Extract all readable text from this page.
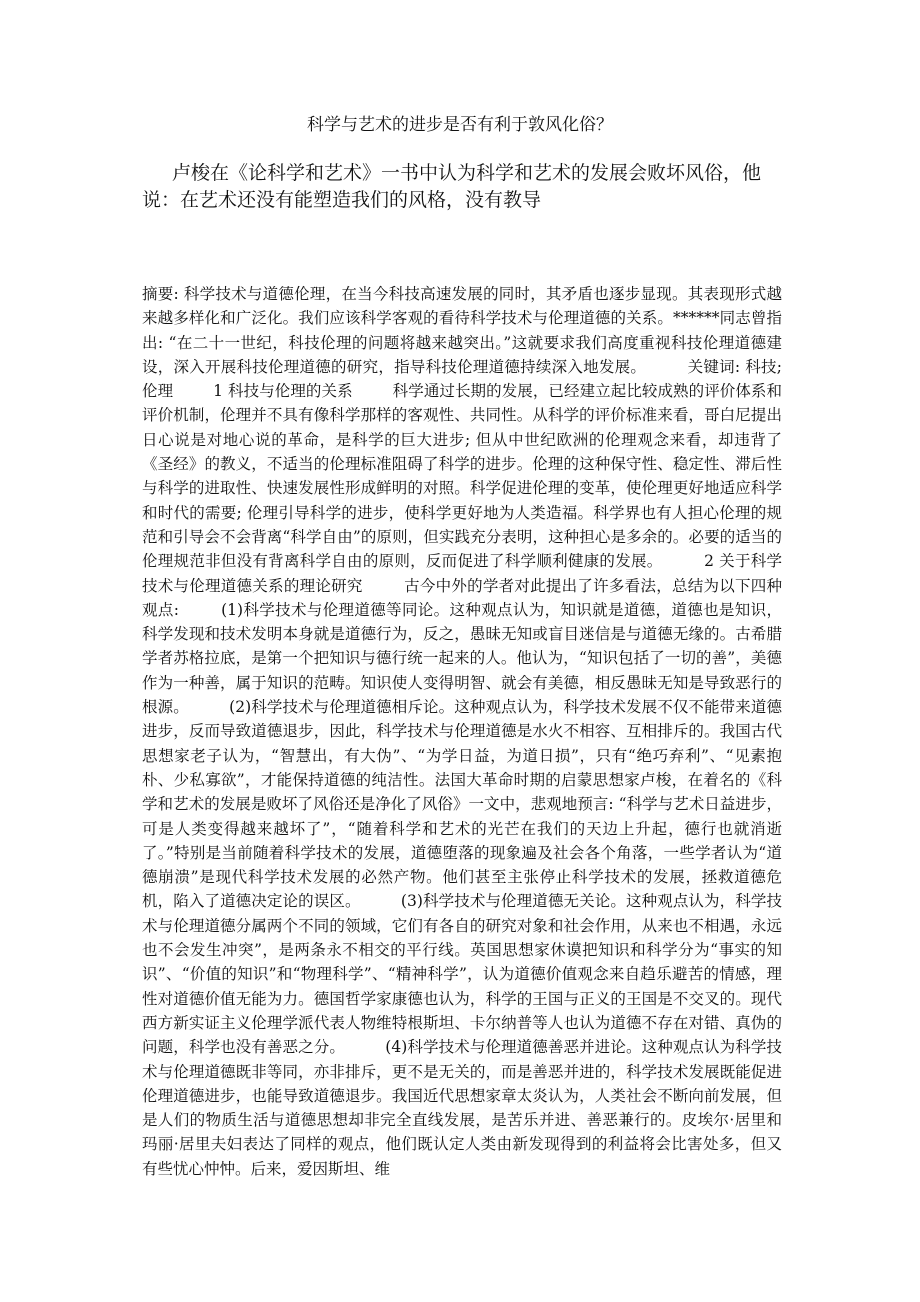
科学与艺术的进步是否有利于敦风化俗？

卢梭在《论科学和艺术》一书中认为科学和艺术的发展会败坏风俗，他说：在艺术还没有能塑造我们的风格，没有教导

摘要: 科学技术与道德伦理，在当今科技高速发展的同时，其矛盾也逐步显现。其表现形式越来越多样化和广泛化。我们应该科学客观的看待科学技术与伦理道德的关系。******同志曾指出: “在二十一世纪，科技伦理的问题将越来越突出。”这就要求我们高度重视科技伦理道德建设，深入开展科技伦理道德的研究，指导科技伦理道德持续深入地发展。        关键词: 科技; 伦理        1 科技与伦理的关系        科学通过长期的发展，已经建立起比较成熟的评价体系和评价机制，伦理并不具有像科学那样的客观性、共同性。从科学的评价标准来看，哥白尼提出日心说是对地心说的革命，是科学的巨大进步; 但从中世纪欧洲的伦理观念来看，却违背了《圣经》的教义，不适当的伦理标准阻碍了科学的进步。伦理的这种保守性、稳定性、滞后性与科学的进取性、快速发展性形成鲜明的对照。科学促进伦理的变革，使伦理更好地适应科学和时代的需要; 伦理引导科学的进步，使科学更好地为人类造福。科学界也有人担心伦理的规范和引导会不会背离“科学自由”的原则，但实践充分表明，这种担心是多余的。必要的适当的伦理规范非但没有背离科学自由的原则，反而促进了科学顺利健康的发展。        2 关于科学技术与伦理道德关系的理论研究        古今中外的学者对此提出了许多看法，总结为以下四种观点:        (1)科学技术与伦理道德等同论。这种观点认为，知识就是道德，道德也是知识，科学发现和技术发明本身就是道德行为，反之，愚昧无知或盲目迷信是与道德无缘的。古希腊学者苏格拉底，是第一个把知识与德行统一起来的人。他认为，“知识包括了一切的善”，美德作为一种善，属于知识的范畴。知识使人变得明智、就会有美德，相反愚昧无知是导致恶行的根源。        (2)科学技术与伦理道德相斥论。这种观点认为，科学技术发展不仅不能带来道德进步，反而导致道德退步，因此，科学技术与伦理道德是水火不相容、互相排斥的。我国古代思想家老子认为，“智慧出，有大伪”、“为学日益，为道日损”，只有“绝巧弃利”、“见素抱朴、少私寡欲”，才能保持道德的纯洁性。法国大革命时期的启蒙思想家卢梭，在着名的《科学和艺术的发展是败坏了风俗还是净化了风俗》一文中，悲观地预言: “科学与艺术日益进步，可是人类变得越来越坏了”，“随着科学和艺术的光芒在我们的天边上升起，德行也就消逝了。”特别是当前随着科学技术的发展，道德堕落的现象遍及社会各个角落，一些学者认为“道德崩溃”是现代科学技术发展的必然产物。他们甚至主张停止科学技术的发展，拯救道德危机，陷入了道德决定论的误区。        (3)科学技术与伦理道德无关论。这种观点认为，科学技术与伦理道德分属两个不同的领域，它们有各自的研究对象和社会作用，从来也不相遇，永远也不会发生冲突”，是两条永不相交的平行线。英国思想家休谟把知识和科学分为“事实的知识”、“价值的知识”和“物理科学”、“精神科学”，认为道德价值观念来自趋乐避苦的情感，理性对道德价值无能为力。德国哲学家康德也认为，科学的王国与正义的王国是不交叉的。现代西方新实证主义伦理学派代表人物维特根斯坦、卡尔纳普等人也认为道德不存在对错、真伪的问题，科学也没有善恶之分。        (4)科学技术与伦理道德善恶并进论。这种观点认为科学技术与伦理道德既非等同，亦非排斥，更不是无关的，而是善恶并进的，科学技术发展既能促进伦理道德进步，也能导致道德退步。我国近代思想家章太炎认为，人类社会不断向前发展，但是人们的物质生活与道德思想却非完全直线发展，是苦乐并进、善恶兼行的。皮埃尔·居里和玛丽·居里夫妇表达了同样的观点，他们既认定人类由新发现得到的利益将会比害处多，但又有些忧心忡忡。后来，爱因斯坦、维
